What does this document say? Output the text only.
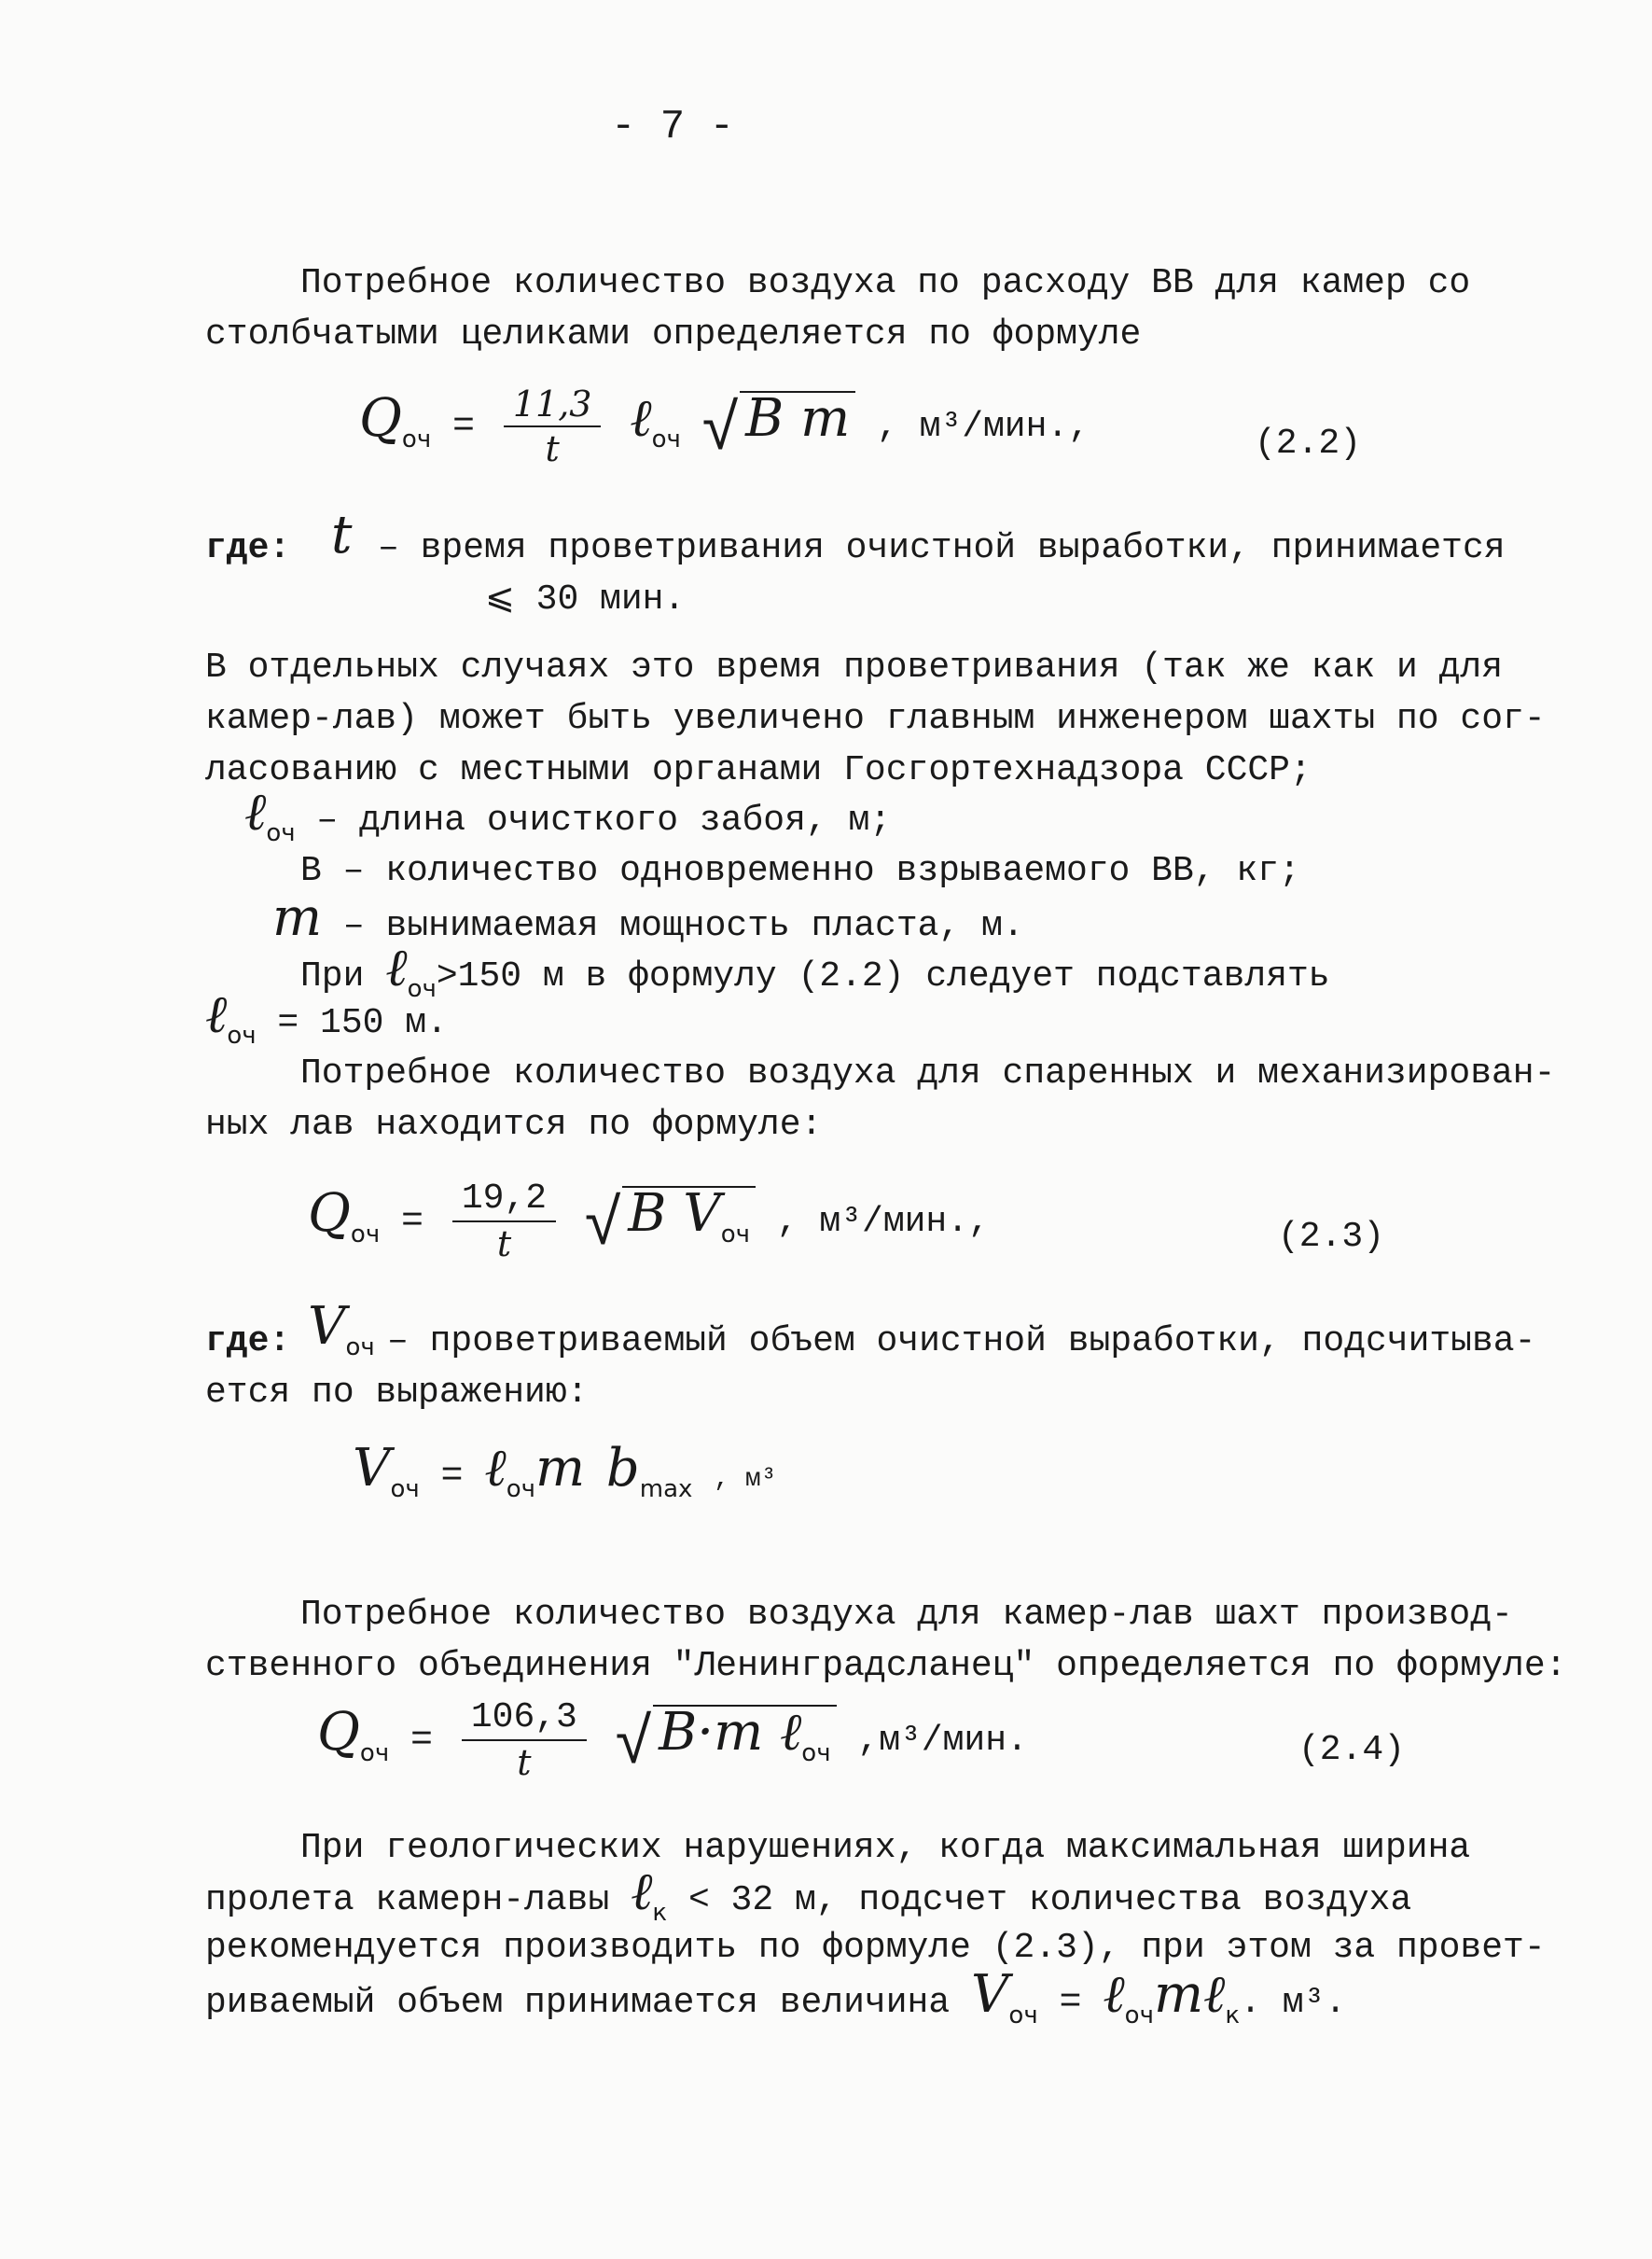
- 7 -
Потребное количество воздуха по расходу ВВ для камер со
столбчатыми целиками определяется по формуле
$Q_{оч} = \frac{11,3}{t}$ ℓ$_{оч}$ √ B m , м³/мин.,	(2.2)
где: t – время проветривания очистной выработки, принимается
⩽ 30 мин.
В отдельных случаях это время проветривания (так же как и для
камер-лав) может быть увеличено главным инженером шахты по сог-
ласованию с местными органами Госгортехнадзора СССР;
ℓ$_{оч}$ – длина очисткого забоя, м;
В – количество одновременно взрываемого ВВ, кг;
m – вынимаемая мощность пласта, м.
При ℓ$_{оч}$>150 м в формулу (2.2) следует подставлять
ℓ$_{оч}$ = 150 м.
Потребное количество воздуха для спаренных и механизирован-
ных лав находится по формуле:
$Q_{оч} = \frac{19,2}{t}$ √ B $V_{оч}$ , м³/мин.,	(2.3)
где: $V_{оч}$ – проветриваемый объем очистной выработки, подсчитыва-
ется по выражению:
$V_{оч}$ = ℓ$_{оч}$m $b_{max}$ , м³
Потребное количество воздуха для камер-лав шахт производ-
ственного объединения "Ленинградсланец" определяется по формуле:
$Q_{оч} = \frac{106,3}{t}$ √ B·m ℓ$_{оч}$ ,м³/мин.	(2.4)
При геологических нарушениях, когда максимальная ширина
пролета камерн-лавы ℓ$_к$ < 32 м, подсчет количества воздуха
рекомендуется производить по формуле (2.3), при этом за провет-
риваемый объем принимается величина $V_{оч}$ = ℓ$_{оч}$mℓ$_к$. м³.
